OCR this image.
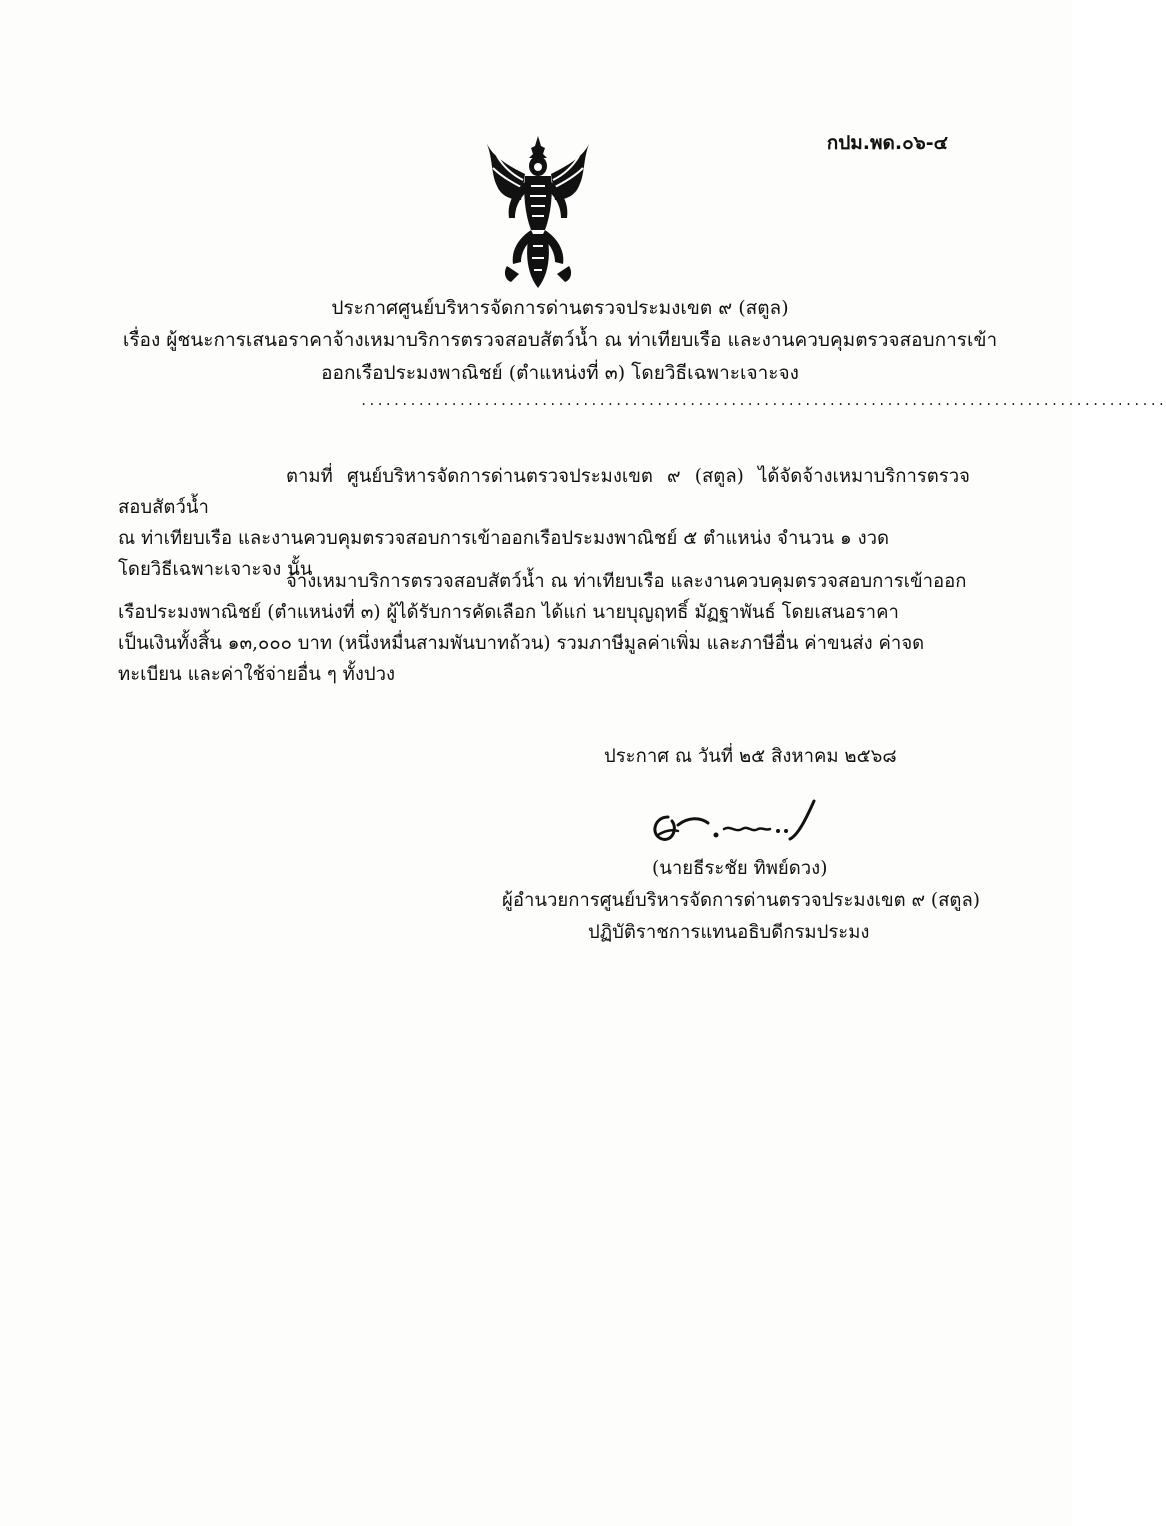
กปม.พด.๐๖-๔
ประกาศศูนย์บริหารจัดการด่านตรวจประมงเขต ๙ (สตูล)
เรื่อง ผู้ชนะการเสนอราคาจ้างเหมาบริการตรวจสอบสัตว์น้ำ ณ ท่าเทียบเรือ และงานควบคุมตรวจสอบการเข้า
ออกเรือประมงพาณิชย์ (ตำแหน่งที่ ๓) โดยวิธีเฉพาะเจาะจง
..................................................................................................
ตามที่ ศูนย์บริหารจัดการด่านตรวจประมงเขต ๙ (สตูล) ได้จัดจ้างเหมาบริการตรวจสอบสัตว์น้ำ
ณ ท่าเทียบเรือ และงานควบคุมตรวจสอบการเข้าออกเรือประมงพาณิชย์ ๕ ตำแหน่ง จำนวน ๑ งวด
โดยวิธีเฉพาะเจาะจง นั้น
จ้างเหมาบริการตรวจสอบสัตว์น้ำ ณ ท่าเทียบเรือ และงานควบคุมตรวจสอบการเข้าออก
เรือประมงพาณิชย์ (ตำแหน่งที่ ๓) ผู้ได้รับการคัดเลือก ได้แก่ นายบุญฤทธิ์ มัฏฐาพันธ์ โดยเสนอราคา
เป็นเงินทั้งสิ้น ๑๓,๐๐๐ บาท (หนึ่งหมื่นสามพันบาทถ้วน) รวมภาษีมูลค่าเพิ่ม และภาษีอื่น ค่าขนส่ง ค่าจด
ทะเบียน และค่าใช้จ่ายอื่น ๆ ทั้งปวง
ประกาศ ณ วันที่ ๒๕ สิงหาคม ๒๕๖๘
(นายธีระชัย ทิพย์ดวง)
ผู้อำนวยการศูนย์บริหารจัดการด่านตรวจประมงเขต ๙ (สตูล)
ปฏิบัติราชการแทนอธิบดีกรมประมง
